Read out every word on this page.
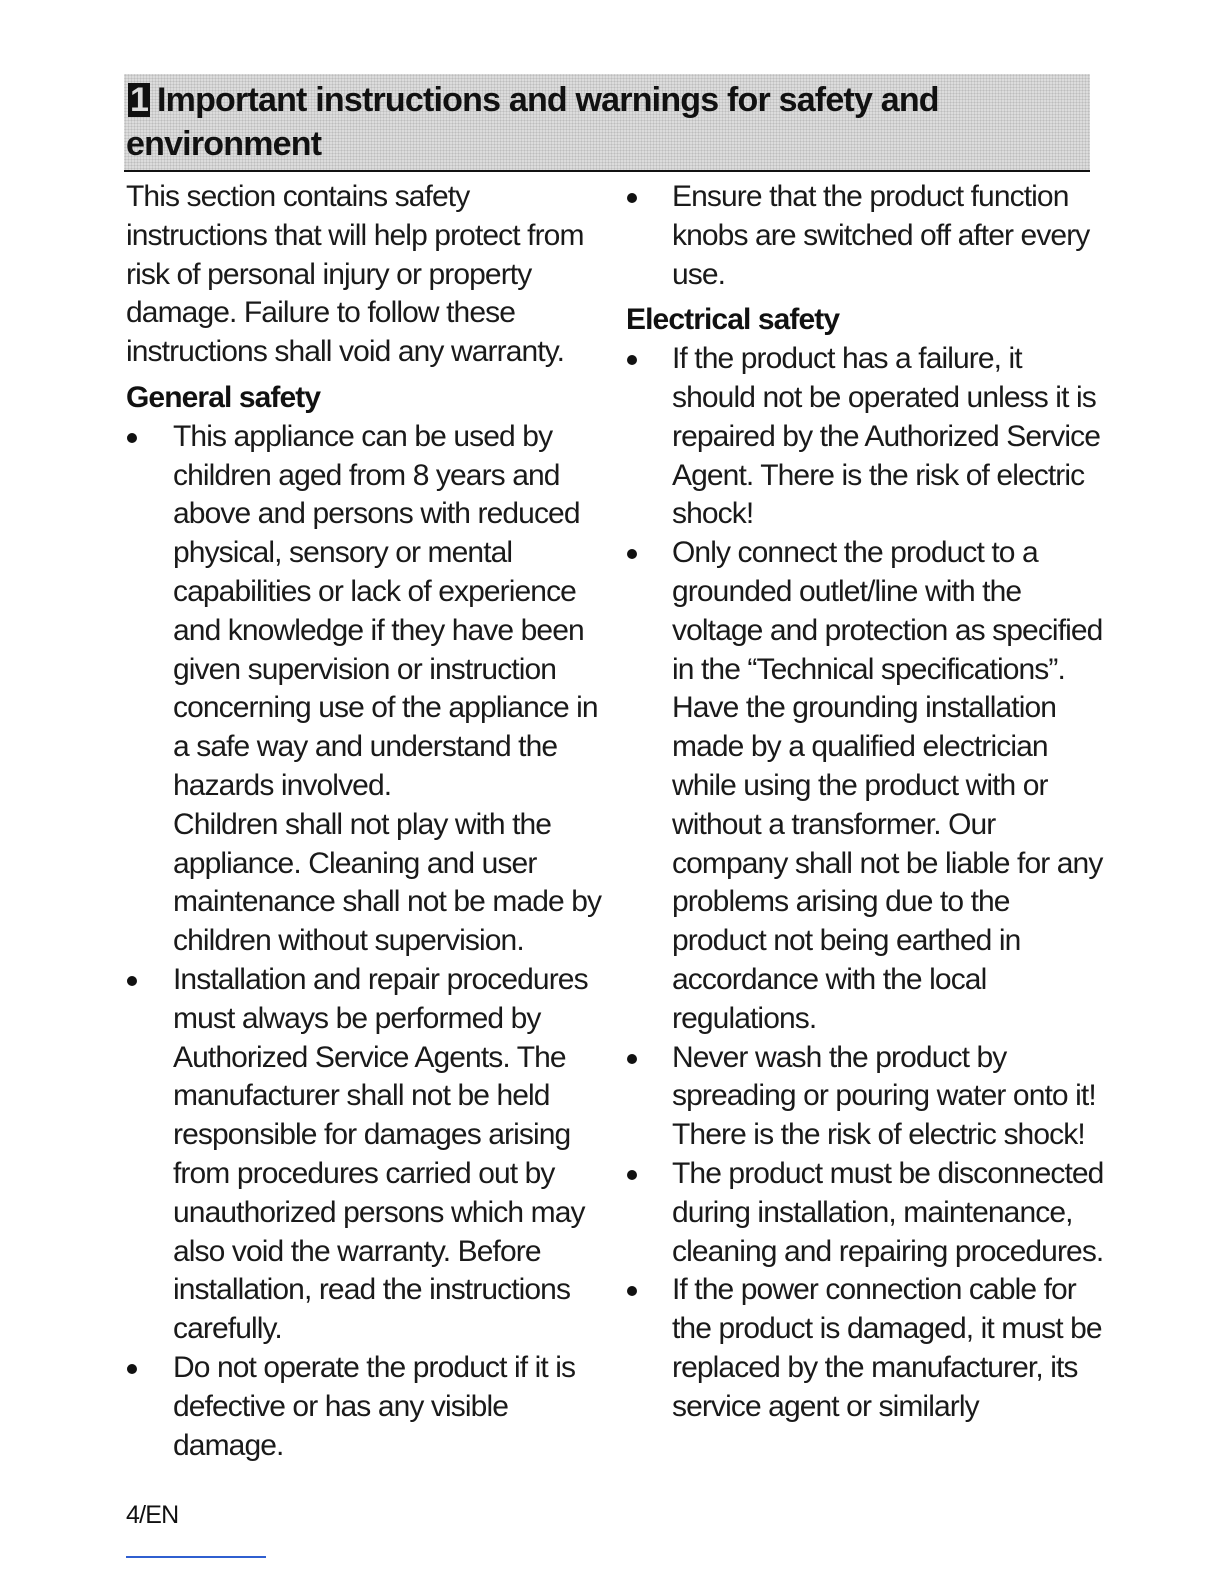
1 Important instructions and warnings for safety and
environment

This section contains safety instructions that will help protect from risk of personal injury or property damage. Failure to follow these instructions shall void any warranty.

General safety
This appliance can be used by children aged from 8 years and above and persons with reduced physical, sensory or mental capabilities or lack of experience and knowledge if they have been given supervision or instruction concerning use of the appliance in a safe way and understand the hazards involved.
Children shall not play with the appliance. Cleaning and user maintenance shall not be made by children without supervision.
Installation and repair procedures must always be performed by Authorized Service Agents. The manufacturer shall not be held responsible for damages arising from procedures carried out by unauthorized persons which may also void the warranty. Before installation, read the instructions carefully.
Do not operate the product if it is defective or has any visible damage.
Ensure that the product function knobs are switched off after every use.
Electrical safety
If the product has a failure, it should not be operated unless it is repaired by the Authorized Service Agent. There is the risk of electric shock!
Only connect the product to a grounded outlet/line with the voltage and protection as specified in the “Technical specifications”. Have the grounding installation made by a qualified electrician while using the product with or without a transformer. Our company shall not be liable for any problems arising due to the product not being earthed in accordance with the local regulations.
Never wash the product by spreading or pouring water onto it! There is the risk of electric shock!
The product must be disconnected during installation, maintenance, cleaning and repairing procedures.
If the power connection cable for the product is damaged, it must be replaced by the manufacturer, its service agent or similarly
4/EN
